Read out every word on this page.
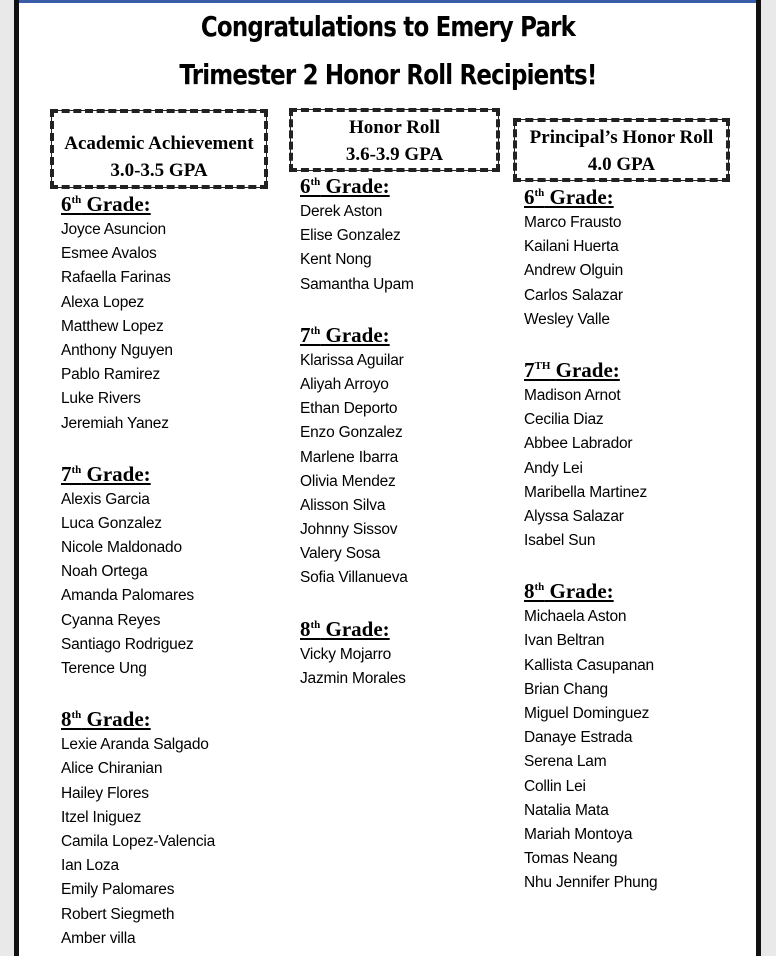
Congratulations to Emery Park
Trimester 2 Honor Roll Recipients!
Academic Achievement
3.0-3.5 GPA
Honor Roll
3.6-3.9 GPA
Principal’s Honor Roll
4.0 GPA
6th Grade:
Joyce Asuncion
Esmee Avalos
Rafaella Farinas
Alexa Lopez
Matthew Lopez
Anthony Nguyen
Pablo Ramirez
Luke Rivers
Jeremiah Yanez
7th Grade:
Alexis Garcia
Luca Gonzalez
Nicole Maldonado
Noah Ortega
Amanda Palomares
Cyanna Reyes
Santiago Rodriguez
Terence Ung
8th Grade:
Lexie Aranda Salgado
Alice Chiranian
Hailey Flores
Itzel Iniguez
Camila Lopez-Valencia
Ian Loza
Emily Palomares
Robert Siegmeth
Amber villa
6th Grade:
Derek Aston
Elise Gonzalez
Kent Nong
Samantha Upam
7th Grade:
Klarissa Aguilar
Aliyah Arroyo
Ethan Deporto
Enzo Gonzalez
Marlene Ibarra
Olivia Mendez
Alisson Silva
Johnny Sissov
Valery Sosa
Sofia Villanueva
8th Grade:
Vicky Mojarro
Jazmin Morales
6th Grade:
Marco Frausto
Kailani Huerta
Andrew Olguin
Carlos Salazar
Wesley Valle
7TH Grade:
Madison Arnot
Cecilia Diaz
Abbee Labrador
Andy Lei
Maribella Martinez
Alyssa Salazar
Isabel Sun
8th Grade:
Michaela Aston
Ivan Beltran
Kallista Casupanan
Brian Chang
Miguel Dominguez
Danaye Estrada
Serena Lam
Collin Lei
Natalia Mata
Mariah Montoya
Tomas Neang
Nhu Jennifer Phung
